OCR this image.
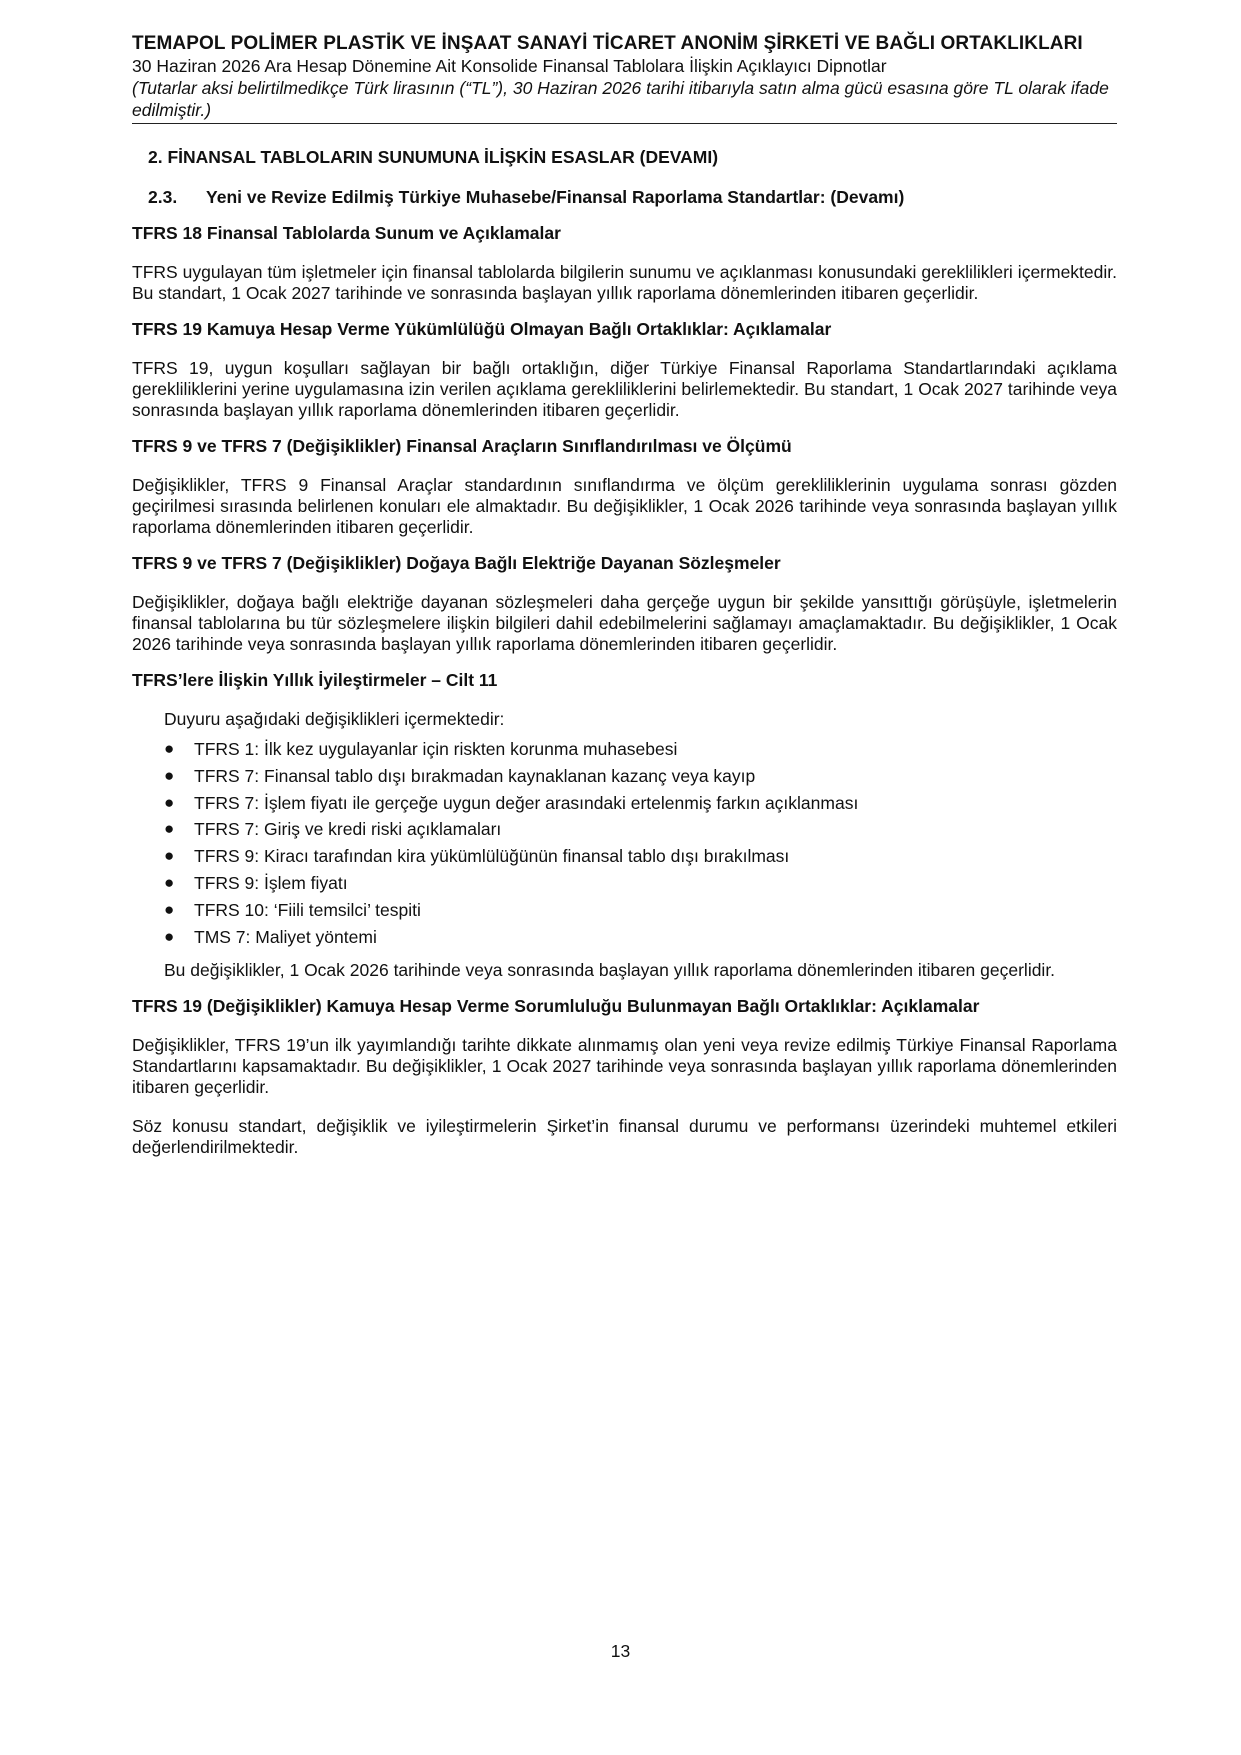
TEMAPOL POLİMER PLASTİK VE İNŞAAT SANAYİ TİCARET ANONİM ŞİRKETİ VE BAĞLI ORTAKLIKLARI
30 Haziran 2026 Ara Hesap Dönemine Ait Konsolide Finansal Tablolara İlişkin Açıklayıcı Dipnotlar
(Tutarlar aksi belirtilmedikçe Türk lirasının (“TL”), 30 Haziran 2026 tarihi itibarıyla satın alma gücü esasına göre TL olarak ifade edilmiştir.)
2. FİNANSAL TABLOLARIN SUNUMUNA İLİŞKİN ESASLAR (DEVAMI)
2.3. Yeni ve Revize Edilmiş Türkiye Muhasebe/Finansal Raporlama Standartlar: (Devamı)
TFRS 18 Finansal Tablolarda Sunum ve Açıklamalar
TFRS uygulayan tüm işletmeler için finansal tablolarda bilgilerin sunumu ve açıklanması konusundaki gereklilikleri içermektedir. Bu standart, 1 Ocak 2027 tarihinde ve sonrasında başlayan yıllık raporlama dönemlerinden itibaren geçerlidir.
TFRS 19 Kamuya Hesap Verme Yükümlülüğü Olmayan Bağlı Ortaklıklar: Açıklamalar
TFRS 19, uygun koşulları sağlayan bir bağlı ortaklığın, diğer Türkiye Finansal Raporlama Standartlarındaki açıklama gerekliliklerini yerine uygulamasına izin verilen açıklama gerekliliklerini belirlemektedir. Bu standart, 1 Ocak 2027 tarihinde veya sonrasında başlayan yıllık raporlama dönemlerinden itibaren geçerlidir.
TFRS 9 ve TFRS 7 (Değişiklikler) Finansal Araçların Sınıflandırılması ve Ölçümü
Değişiklikler, TFRS 9 Finansal Araçlar standardının sınıflandırma ve ölçüm gerekliliklerinin uygulama sonrası gözden geçirilmesi sırasında belirlenen konuları ele almaktadır. Bu değişiklikler, 1 Ocak 2026 tarihinde veya sonrasında başlayan yıllık raporlama dönemlerinden itibaren geçerlidir.
TFRS 9 ve TFRS 7 (Değişiklikler) Doğaya Bağlı Elektriğe Dayanan Sözleşmeler
Değişiklikler, doğaya bağlı elektriğe dayanan sözleşmeleri daha gerçeğe uygun bir şekilde yansıttığı görüşüyle, işletmelerin finansal tablolarına bu tür sözleşmelere ilişkin bilgileri dahil edebilmelerini sağlamayı amaçlamaktadır. Bu değişiklikler, 1 Ocak 2026 tarihinde veya sonrasında başlayan yıllık raporlama dönemlerinden itibaren geçerlidir.
TFRS’lere İlişkin Yıllık İyileştirmeler – Cilt 11
Duyuru aşağıdaki değişiklikleri içermektedir:
● TFRS 1: İlk kez uygulayanlar için riskten korunma muhasebesi
● TFRS 7: Finansal tablo dışı bırakmadan kaynaklanan kazanç veya kayıp
● TFRS 7: İşlem fiyatı ile gerçeğe uygun değer arasındaki ertelenmiş farkın açıklanması
● TFRS 7: Giriş ve kredi riski açıklamaları
● TFRS 9: Kiracı tarafından kira yükümlülüğünün finansal tablo dışı bırakılması
● TFRS 9: İşlem fiyatı
● TFRS 10: ‘Fiili temsilci’ tespiti
● TMS 7: Maliyet yöntemi
Bu değişiklikler, 1 Ocak 2026 tarihinde veya sonrasında başlayan yıllık raporlama dönemlerinden itibaren geçerlidir.
TFRS 19 (Değişiklikler) Kamuya Hesap Verme Sorumluluğu Bulunmayan Bağlı Ortaklıklar: Açıklamalar
Değişiklikler, TFRS 19’un ilk yayımlandığı tarihte dikkate alınmamış olan yeni veya revize edilmiş Türkiye Finansal Raporlama Standartlarını kapsamaktadır. Bu değişiklikler, 1 Ocak 2027 tarihinde veya sonrasında başlayan yıllık raporlama dönemlerinden itibaren geçerlidir.
Söz konusu standart, değişiklik ve iyileştirmelerin Şirket’in finansal durumu ve performansı üzerindeki muhtemel etkileri değerlendirilmektedir.
13
